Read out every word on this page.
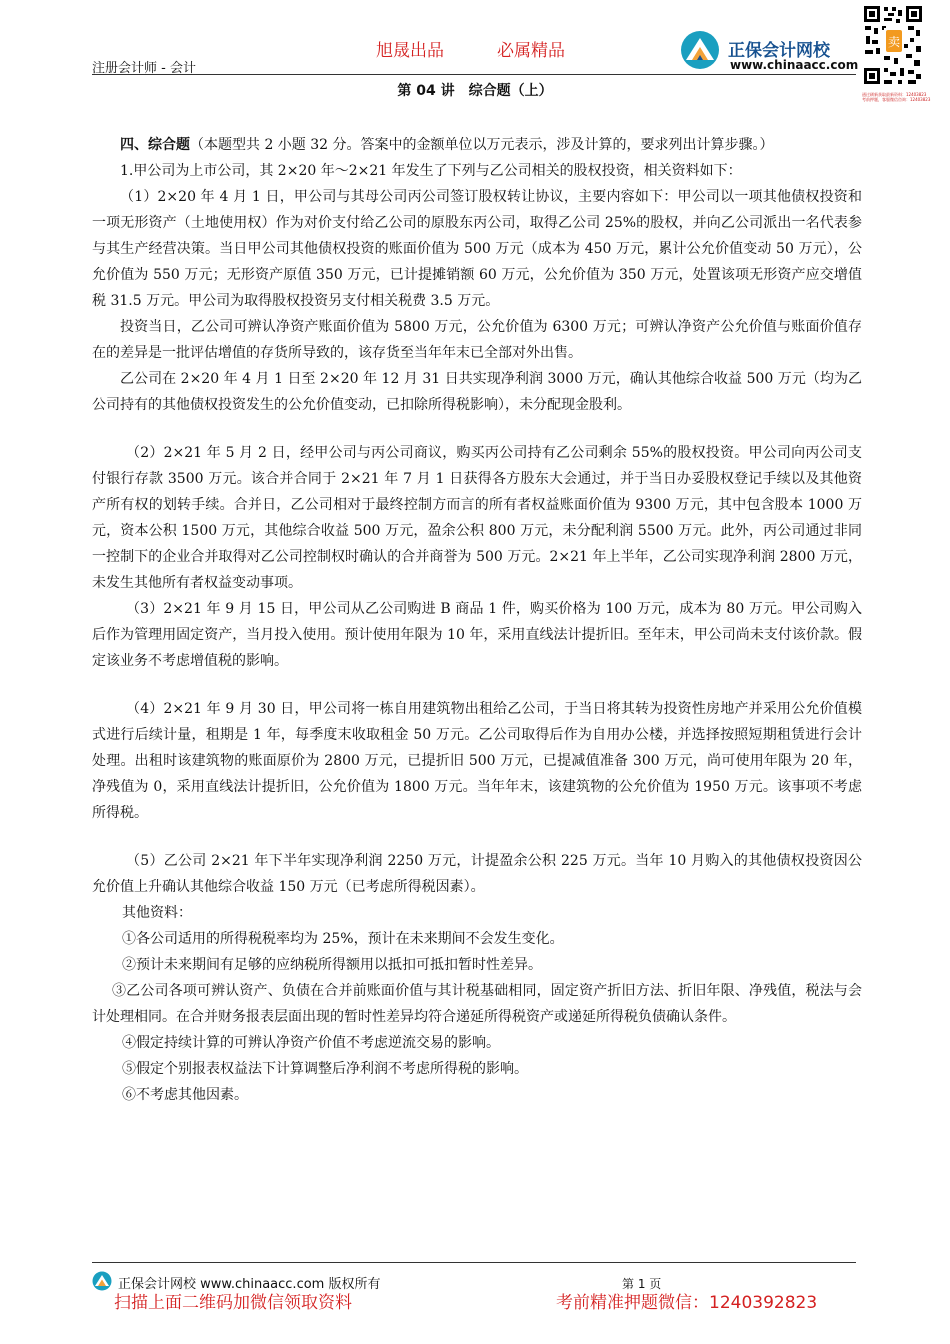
注册会计师 - 会计
旭晟出品	必属精品	正保会计网校
www.chinaacc.com
卖
通过刷新获取最新资料：12403823
考前押题，客服微信咨询：12403823
第 04 讲　综合题（上）

四、综合题（本题型共 2 小题 32 分。答案中的金额单位以万元表示，涉及计算的，要求列出计算步骤。）

1.甲公司为上市公司，其 2×20 年～2×21 年发生了下列与乙公司相关的股权投资，相关资料如下：

（1）2×20 年 4 月 1 日，甲公司与其母公司丙公司签订股权转让协议，主要内容如下：甲公司以一项其他债权投资和一项无形资产（土地使用权）作为对价支付给乙公司的原股东丙公司，取得乙公司 25%的股权，并向乙公司派出一名代表参与其生产经营决策。当日甲公司其他债权投资的账面价值为 500 万元（成本为 450 万元，累计公允价值变动 50 万元），公允价值为 550 万元；无形资产原值 350 万元，已计提摊销额 60 万元，公允价值为 350 万元，处置该项无形资产应交增值税 31.5 万元。甲公司为取得股权投资另支付相关税费 3.5 万元。

投资当日，乙公司可辨认净资产账面价值为 5800 万元，公允价值为 6300 万元；可辨认净资产公允价值与账面价值存在的差异是一批评估增值的存货所导致的，该存货至当年年末已全部对外出售。

乙公司在 2×20 年 4 月 1 日至 2×20 年 12 月 31 日共实现净利润 3000 万元，确认其他综合收益 500 万元（均为乙公司持有的其他债权投资发生的公允价值变动，已扣除所得税影响），未分配现金股利。

（2）2×21 年 5 月 2 日，经甲公司与丙公司商议，购买丙公司持有乙公司剩余 55%的股权投资。甲公司向丙公司支付银行存款 3500 万元。该合并合同于 2×21 年 7 月 1 日获得各方股东大会通过，并于当日办妥股权登记手续以及其他资产所有权的划转手续。合并日，乙公司相对于最终控制方而言的所有者权益账面价值为 9300 万元，其中包含股本 1000 万元，资本公积 1500 万元，其他综合收益 500 万元，盈余公积 800 万元，未分配利润 5500 万元。此外，丙公司通过非同一控制下的企业合并取得对乙公司控制权时确认的合并商誉为 500 万元。2×21 年上半年，乙公司实现净利润 2800 万元，未发生其他所有者权益变动事项。

（3）2×21 年 9 月 15 日，甲公司从乙公司购进 B 商品 1 件，购买价格为 100 万元，成本为 80 万元。甲公司购入后作为管理用固定资产，当月投入使用。预计使用年限为 10 年，采用直线法计提折旧。至年末，甲公司尚未支付该价款。假定该业务不考虑增值税的影响。

（4）2×21 年 9 月 30 日，甲公司将一栋自用建筑物出租给乙公司，于当日将其转为投资性房地产并采用公允价值模式进行后续计量，租期是 1 年，每季度末收取租金 50 万元。乙公司取得后作为自用办公楼，并选择按照短期租赁进行会计处理。出租时该建筑物的账面原价为 2800 万元，已提折旧 500 万元，已提减值准备 300 万元，尚可使用年限为 20 年，净残值为 0，采用直线法计提折旧，公允价值为 1800 万元。当年年末，该建筑物的公允价值为 1950 万元。该事项不考虑所得税。

（5）乙公司 2×21 年下半年实现净利润 2250 万元，计提盈余公积 225 万元。当年 10 月购入的其他债权投资因公允价值上升确认其他综合收益 150 万元（已考虑所得税因素）。

其他资料：

①各公司适用的所得税税率均为 25%，预计在未来期间不会发生变化。

②预计未来期间有足够的应纳税所得额用以抵扣可抵扣暂时性差异。

③乙公司各项可辨认资产、负债在合并前账面价值与其计税基础相同，固定资产折旧方法、折旧年限、净残值，税法与会计处理相同。在合并财务报表层面出现的暂时性差异均符合递延所得税资产或递延所得税负债确认条件。

④假定持续计算的可辨认净资产价值不考虑逆流交易的影响。

⑤假定个别报表权益法下计算调整后净利润不考虑所得税的影响。

⑥不考虑其他因素。

正保会计网校 www.chinaacc.com 版权所有	第 1 页
扫描上面二维码加微信领取资料	考前精准押题微信：1240392823
